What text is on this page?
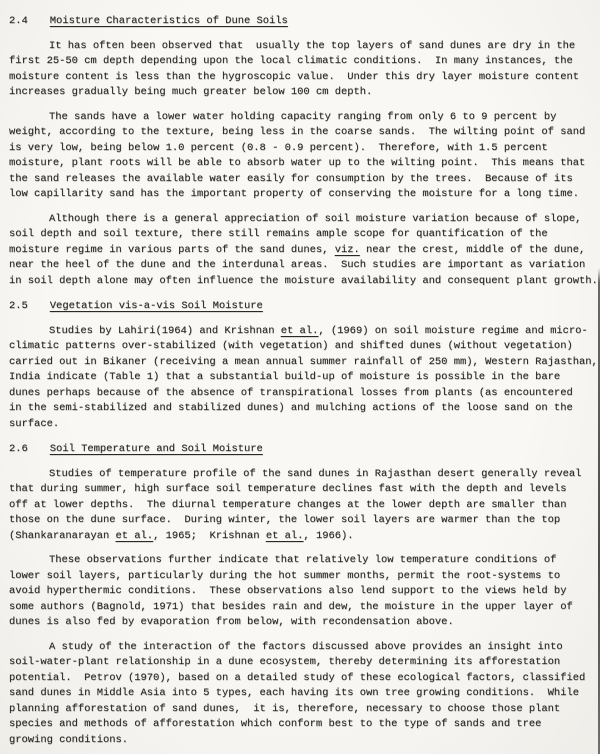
2.4 Moisture Characteristics of Dune Soils
It has often been observed that  usually the top layers of sand dunes are dry in the
first 25-50 cm depth depending upon the local climatic conditions.  In many instances, the
moisture content is less than the hygroscopic value.  Under this dry layer moisture content
increases gradually being much greater below 100 cm depth.
The sands have a lower water holding capacity ranging from only 6 to 9 percent by
weight, according to the texture, being less in the coarse sands.  The wilting point of sand
is very low, being below 1.0 percent (0.8 - 0.9 percent).  Therefore, with 1.5 percent
moisture, plant roots will be able to absorb water up to the wilting point.  This means that
the sand releases the available water easily for consumption by the trees.  Because of its
low capillarity sand has the important property of conserving the moisture for a long time.
Although there is a general appreciation of soil moisture variation because of slope,
soil depth and soil texture, there still remains ample scope for quantification of the
moisture regime in various parts of the sand dunes, viz. near the crest, middle of the dune,
near the heel of the dune and the interdunal areas.  Such studies are important as variation
in soil depth alone may often influence the moisture availability and consequent plant growth.
2.5 Vegetation vis-a-vis Soil Moisture
Studies by Lahiri(1964) and Krishnan et al., (1969) on soil moisture regime and micro-
climatic patterns over-stabilized (with vegetation) and shifted dunes (without vegetation)
carried out in Bikaner (receiving a mean annual summer rainfall of 250 mm), Western Rajasthan,
India indicate (Table 1) that a substantial build-up of moisture is possible in the bare
dunes perhaps because of the absence of transpirational losses from plants (as encountered
in the semi-stabilized and stabilized dunes) and mulching actions of the loose sand on the
surface.
2.6 Soil Temperature and Soil Moisture
Studies of temperature profile of the sand dunes in Rajasthan desert generally reveal
that during summer, high surface soil temperature declines fast with the depth and levels
off at lower depths.  The diurnal temperature changes at the lower depth are smaller than
those on the dune surface.  During winter, the lower soil layers are warmer than the top
(Shankaranarayan et al., 1965;  Krishnan et al., 1966).
These observations further indicate that relatively low temperature conditions of
lower soil layers, particularly during the hot summer months, permit the root-systems to
avoid hyperthermic conditions.  These observations also lend support to the views held by
some authors (Bagnold, 1971) that besides rain and dew, the moisture in the upper layer of
dunes is also fed by evaporation from below, with recondensation above.
A study of the interaction of the factors discussed above provides an insight into
soil-water-plant relationship in a dune ecosystem, thereby determining its afforestation
potential.  Petrov (1970), based on a detailed study of these ecological factors, classified
sand dunes in Middle Asia into 5 types, each having its own tree growing conditions.  While
planning afforestation of sand dunes,  it is, therefore, necessary to choose those plant
species and methods of afforestation which conform best to the type of sands and tree
growing conditions.
